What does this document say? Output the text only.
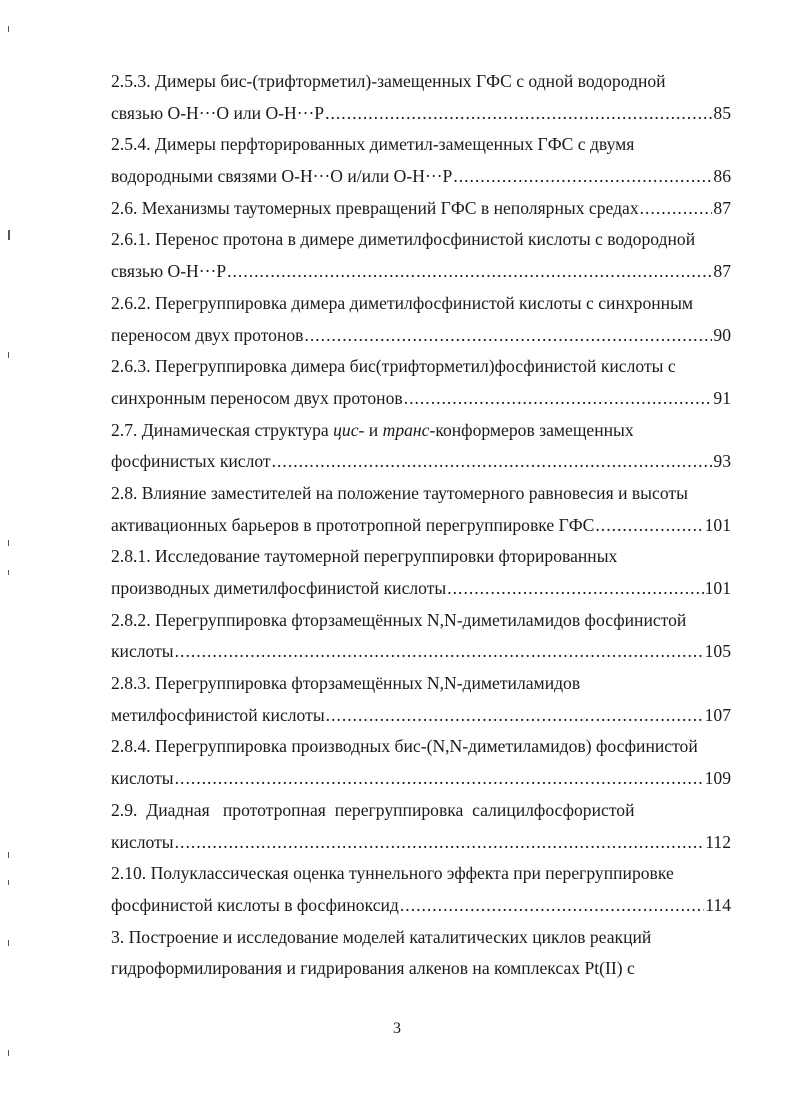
2.5.3. Димеры бис-(трифторметил)-замещенных ГФС с одной водородной
связью О-Н···О или О-Н···Р .....	85
2.5.4. Димеры перфторированных диметил-замещенных ГФС с двумя
водородными связями О-Н···О и/или О-Н···Р .....	86
2.6. Механизмы таутомерных превращений ГФС в неполярных средах .....	87
2.6.1. Перенос протона в димере диметилфосфинистой кислоты с водородной
связью О-Н···Р .....	87
2.6.2. Перегруппировка димера диметилфосфинистой кислоты с синхронным
переносом двух протонов .....	90
2.6.3. Перегруппировка димера бис(трифторметил)фосфинистой кислоты с
синхронным переносом двух протонов .....	91
2.7. Динамическая структура цис- и транс-конформеров замещенных
фосфинистых кислот .....	93
2.8. Влияние заместителей на положение таутомерного равновесия и высоты
активационных барьеров в прототропной перегруппировке ГФС .....	101
2.8.1. Исследование таутомерной перегруппировки фторированных
производных диметилфосфинистой кислоты .....	101
2.8.2. Перегруппировка фторзамещённых N,N-диметиламидов фосфинистой
кислоты .....	105
2.8.3. Перегруппировка фторзамещённых N,N-диметиламидов
метилфосфинистой кислоты .....	107
2.8.4. Перегруппировка производных бис-(N,N-диметиламидов) фосфинистой
кислоты .....	109
2.9.  Диадная   прототропная  перегруппировка  салицилфосфористой
кислоты .....	112
2.10. Полуклассическая оценка туннельного эффекта при перегруппировке
фосфинистой кислоты в фосфиноксид .....	114
3. Построение и исследование моделей каталитических циклов реакций
гидроформилирования и гидрирования алкенов на комплексах Pt(II) с
3
